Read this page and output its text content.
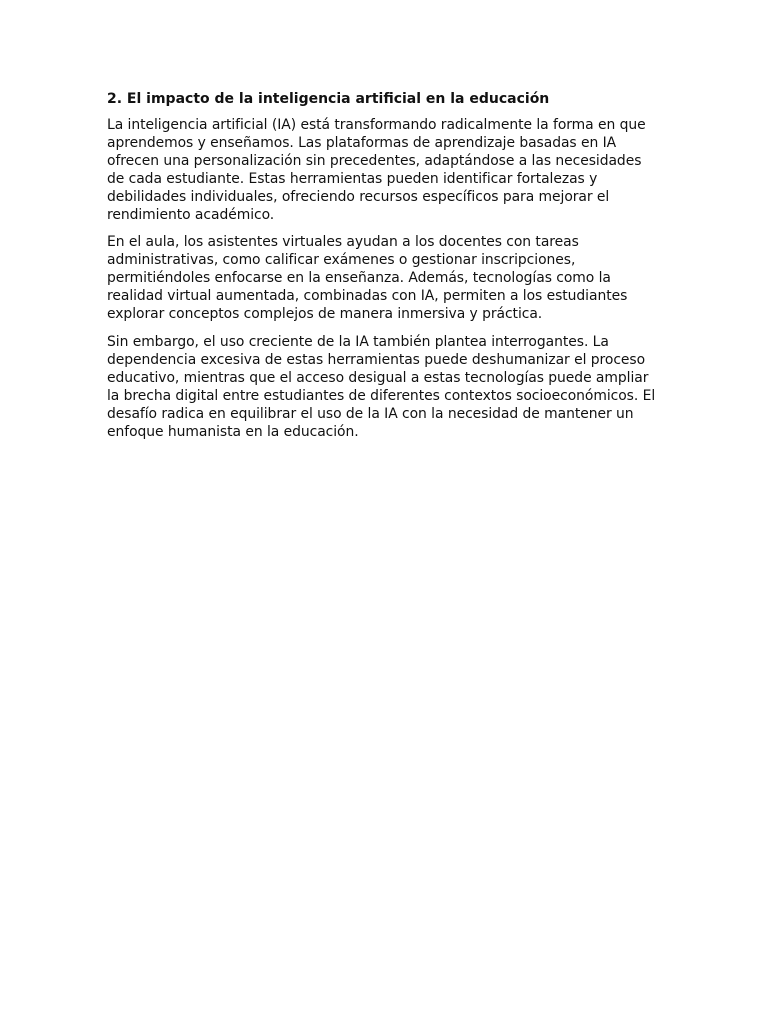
2. El impacto de la inteligencia artificial en la educación

La inteligencia artificial (IA) está transformando radicalmente la forma en que
aprendemos y enseñamos. Las plataformas de aprendizaje basadas en IA
ofrecen una personalización sin precedentes, adaptándose a las necesidades
de cada estudiante. Estas herramientas pueden identificar fortalezas y
debilidades individuales, ofreciendo recursos específicos para mejorar el
rendimiento académico.

En el aula, los asistentes virtuales ayudan a los docentes con tareas
administrativas, como calificar exámenes o gestionar inscripciones,
permitiéndoles enfocarse en la enseñanza. Además, tecnologías como la
realidad virtual aumentada, combinadas con IA, permiten a los estudiantes
explorar conceptos complejos de manera inmersiva y práctica.

Sin embargo, el uso creciente de la IA también plantea interrogantes. La
dependencia excesiva de estas herramientas puede deshumanizar el proceso
educativo, mientras que el acceso desigual a estas tecnologías puede ampliar
la brecha digital entre estudiantes de diferentes contextos socioeconómicos. El
desafío radica en equilibrar el uso de la IA con la necesidad de mantener un
enfoque humanista en la educación.
